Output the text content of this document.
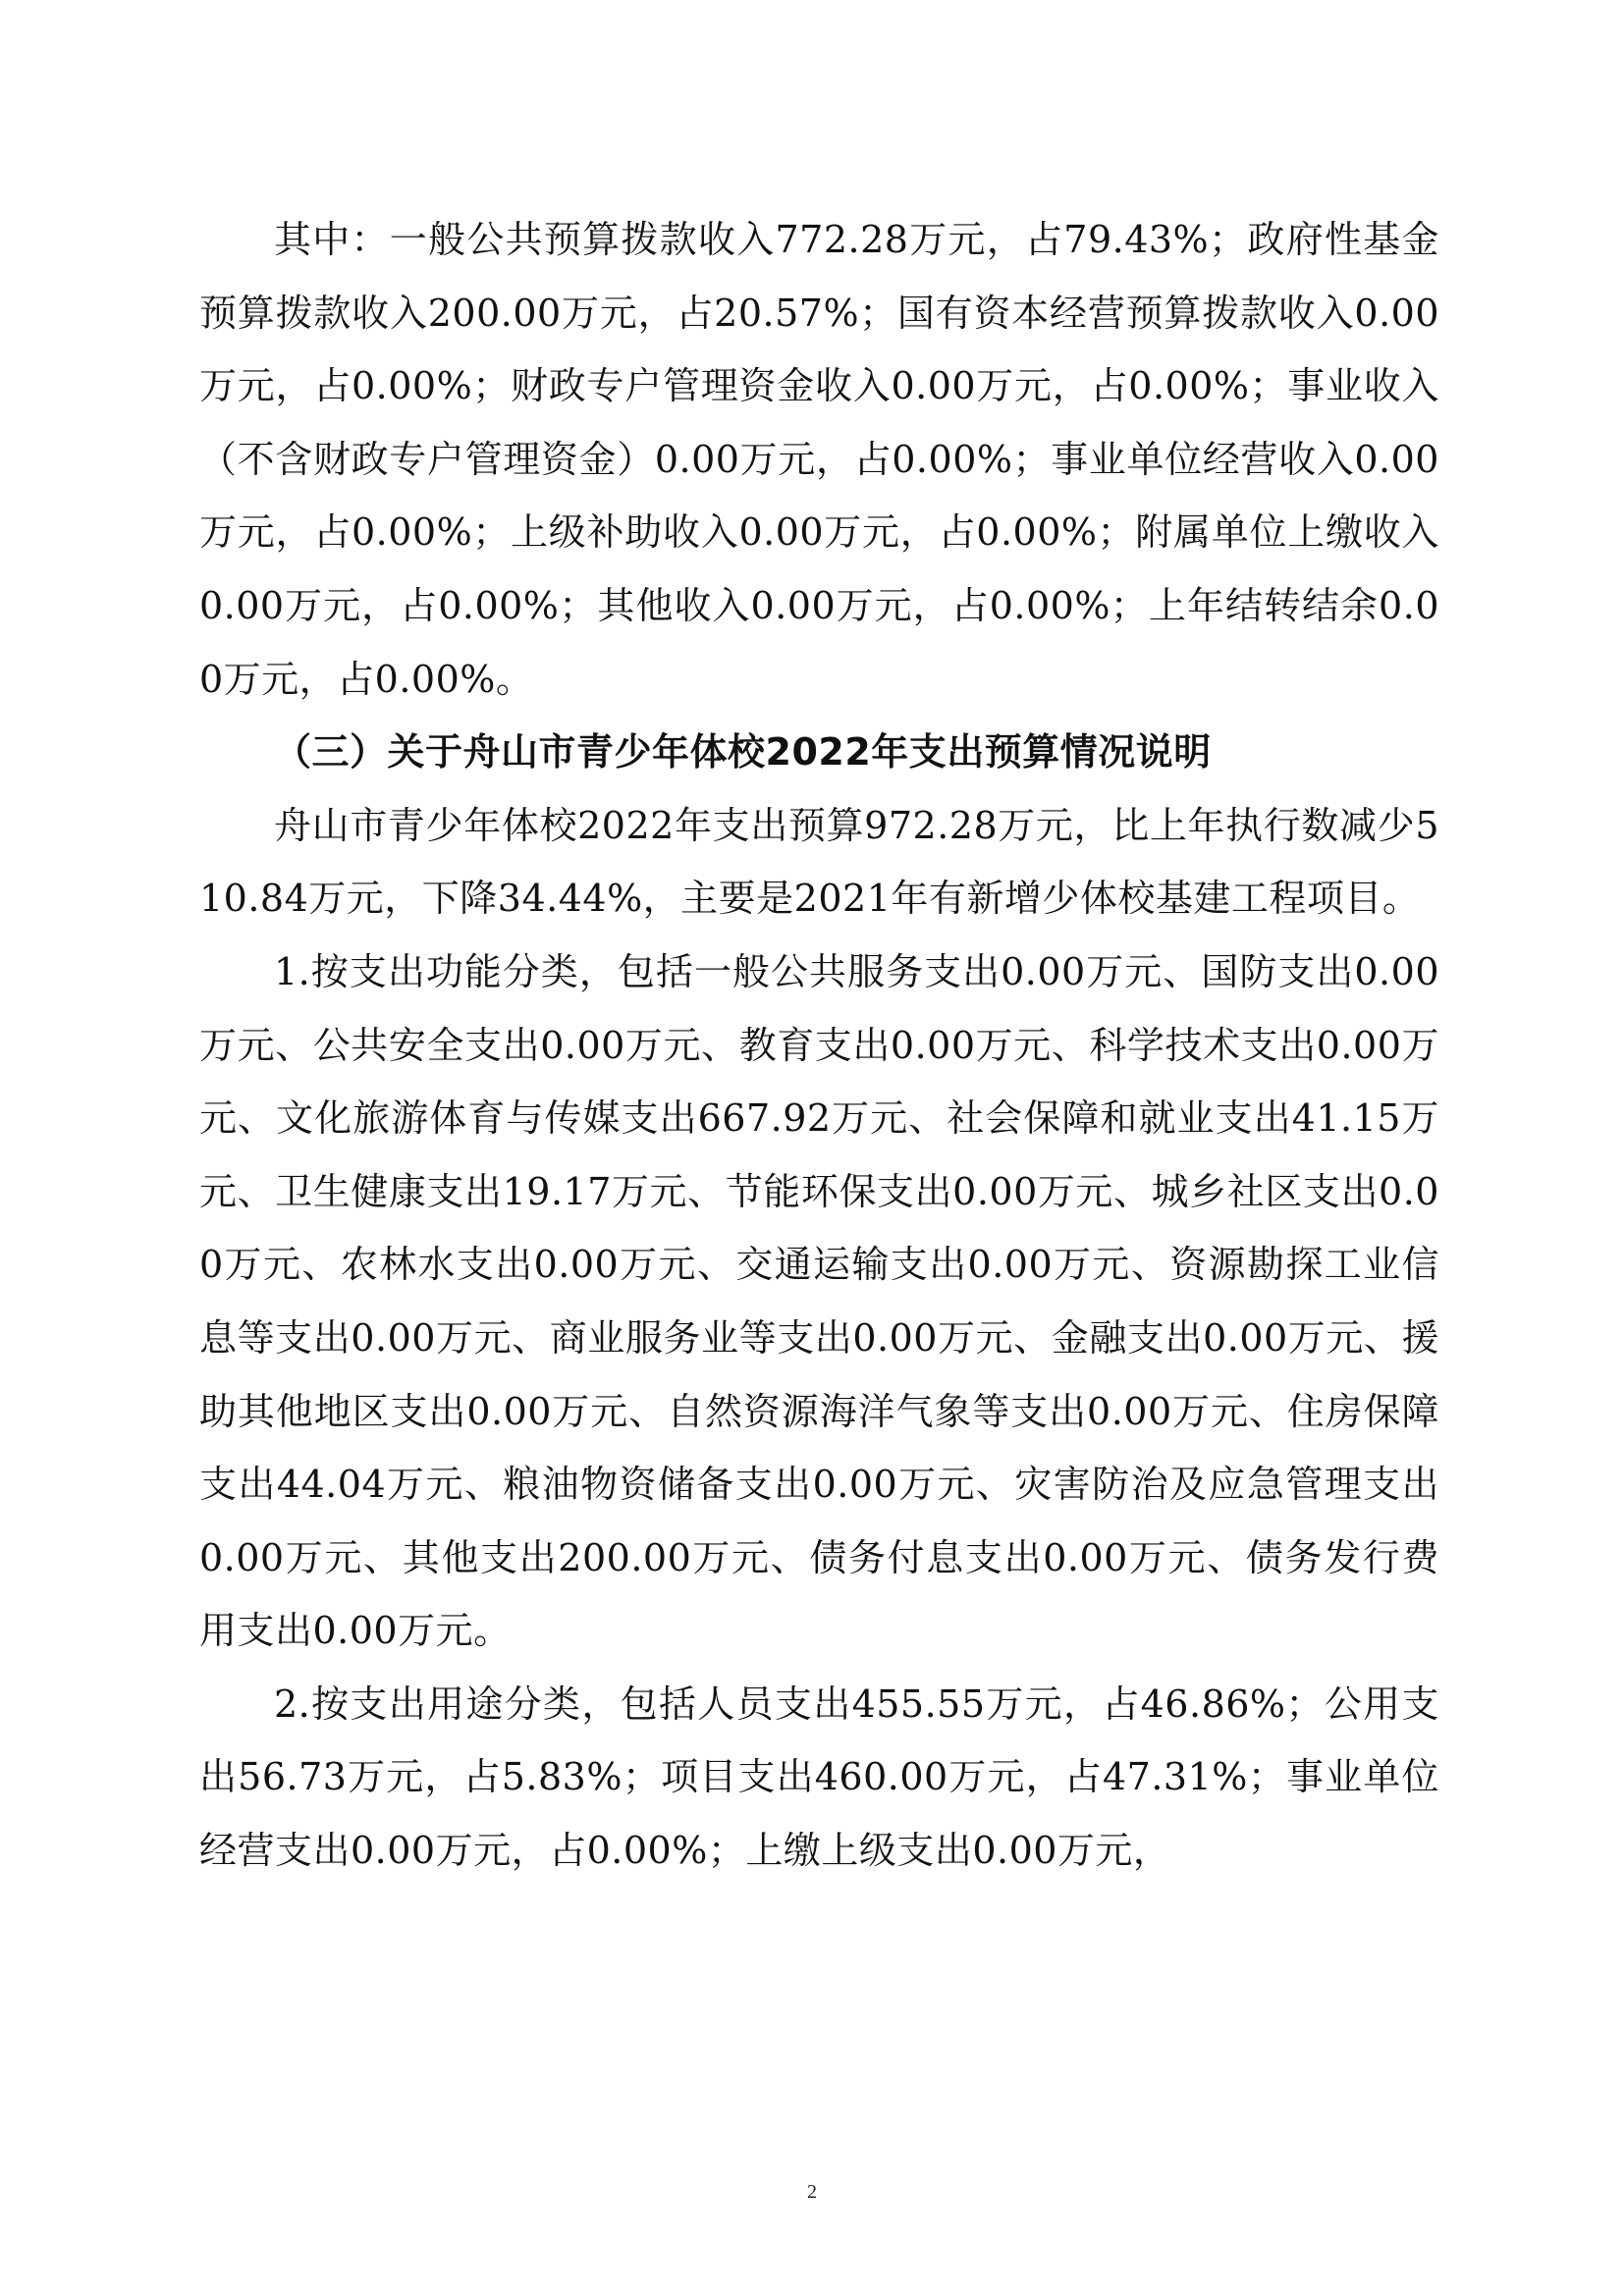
其中：一般公共预算拨款收入772.28万元，占79.43%；政府性基金预算拨款收入200.00万元，占20.57%；国有资本经营预算拨款收入0.00万元，占0.00%；财政专户管理资金收入0.00万元，占0.00%；事业收入（不含财政专户管理资金）0.00万元，占0.00%；事业单位经营收入0.00万元，占0.00%；上级补助收入0.00万元，占0.00%；附属单位上缴收入0.00万元，占0.00%；其他收入0.00万元，占0.00%；上年结转结余0.00万元，占0.00%。

（三）关于舟山市青少年体校2022年支出预算情况说明

舟山市青少年体校2022年支出预算972.28万元，比上年执行数减少510.84万元，下降34.44%，主要是2021年有新增少体校基建工程项目。

1.按支出功能分类，包括一般公共服务支出0.00万元、国防支出0.00万元、公共安全支出0.00万元、教育支出0.00万元、科学技术支出0.00万元、文化旅游体育与传媒支出667.92万元、社会保障和就业支出41.15万元、卫生健康支出19.17万元、节能环保支出0.00万元、城乡社区支出0.00万元、农林水支出0.00万元、交通运输支出0.00万元、资源勘探工业信息等支出0.00万元、商业服务业等支出0.00万元、金融支出0.00万元、援助其他地区支出0.00万元、自然资源海洋气象等支出0.00万元、住房保障支出44.04万元、粮油物资储备支出0.00万元、灾害防治及应急管理支出0.00万元、其他支出200.00万元、债务付息支出0.00万元、债务发行费用支出0.00万元。

2.按支出用途分类，包括人员支出455.55万元，占46.86%；公用支出56.73万元，占5.83%；项目支出460.00万元，占47.31%；事业单位经营支出0.00万元，占0.00%；上缴上级支出0.00万元，

2
